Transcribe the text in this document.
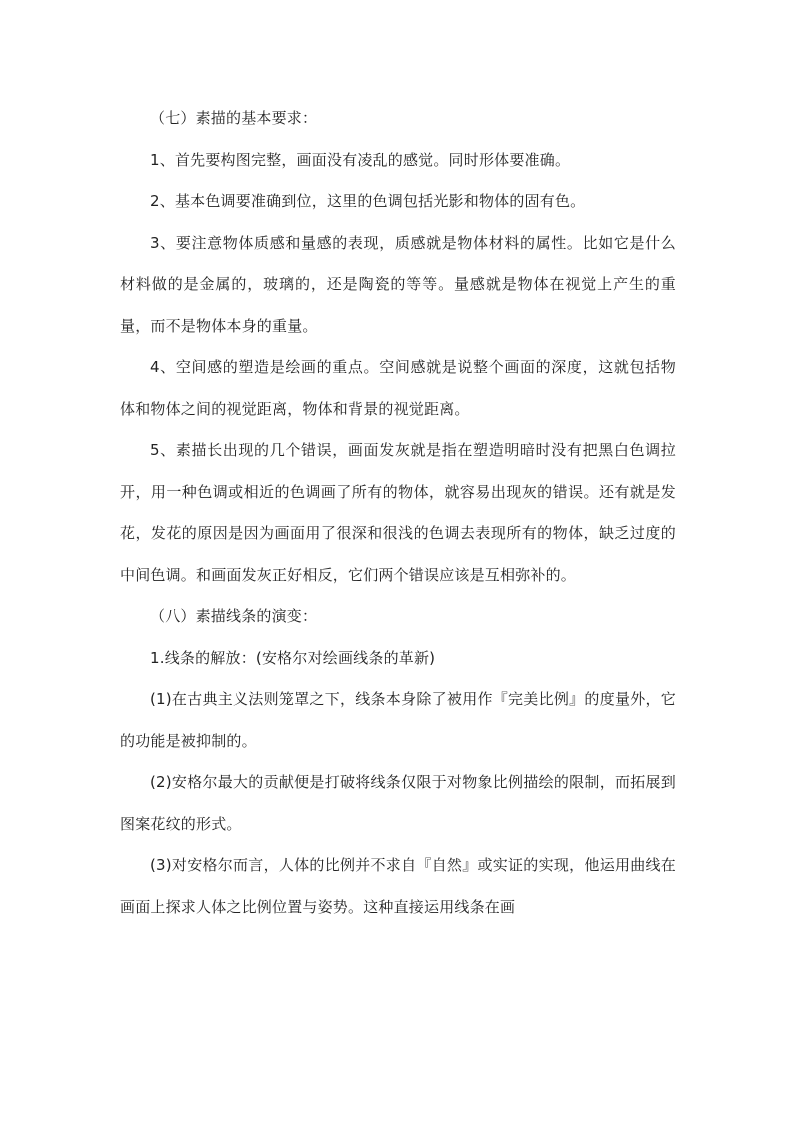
（七）素描的基本要求：

1、首先要构图完整，画面没有凌乱的感觉。同时形体要准确。

2、基本色调要准确到位，这里的色调包括光影和物体的固有色。

3、要注意物体质感和量感的表现，质感就是物体材料的属性。比如它是什么材料做的是金属的，玻璃的，还是陶瓷的等等。量感就是物体在视觉上产生的重量，而不是物体本身的重量。

4、空间感的塑造是绘画的重点。空间感就是说整个画面的深度，这就包括物体和物体之间的视觉距离，物体和背景的视觉距离。

5、素描长出现的几个错误，画面发灰就是指在塑造明暗时没有把黑白色调拉开，用一种色调或相近的色调画了所有的物体，就容易出现灰的错误。还有就是发花，发花的原因是因为画面用了很深和很浅的色调去表现所有的物体，缺乏过度的中间色调。和画面发灰正好相反，它们两个错误应该是互相弥补的。

（八）素描线条的演变：

1.线条的解放：(安格尔对绘画线条的革新)

(1)在古典主义法则笼罩之下，线条本身除了被用作『完美比例』的度量外，它的功能是被抑制的。

(2)安格尔最大的贡献便是打破将线条仅限于对物象比例描绘的限制，而拓展到图案花纹的形式。

(3)对安格尔而言，人体的比例并不求自『自然』或实证的实现，他运用曲线在画面上探求人体之比例位置与姿势。这种直接运用线条在画
